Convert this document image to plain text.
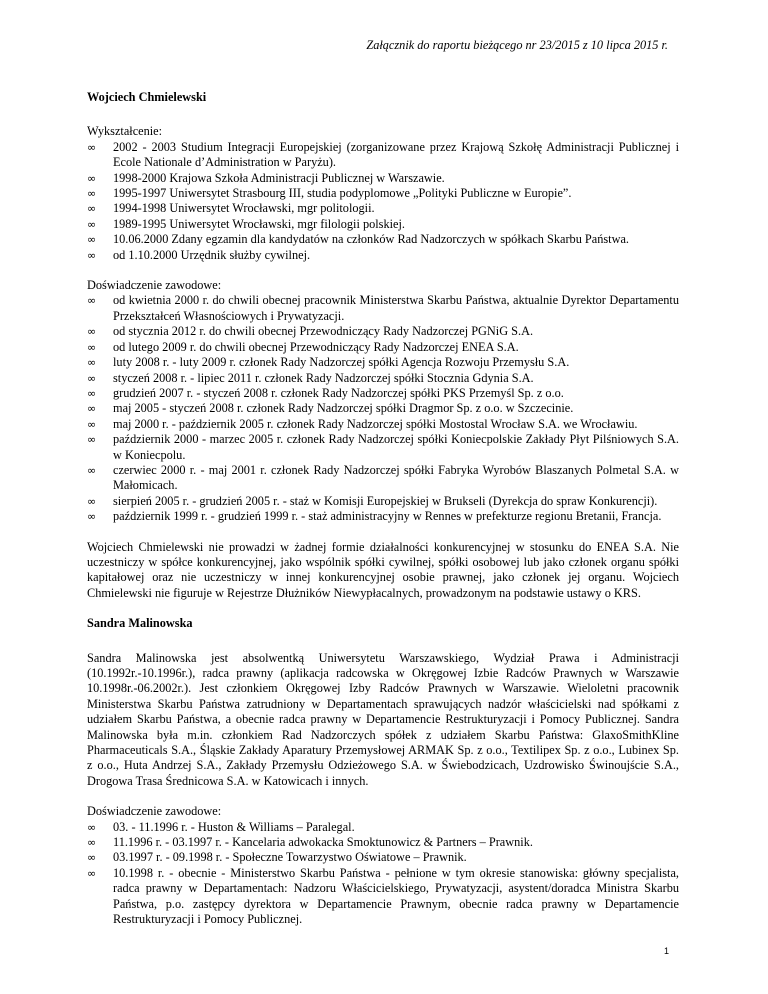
Załącznik do raportu bieżącego nr 23/2015 z 10 lipca 2015 r.
Wojciech Chmielewski
Wykształcenie:
∞ 2002 - 2003 Studium Integracji Europejskiej (zorganizowane przez Krajową Szkołę Administracji Publicznej i Ecole Nationale d’Administration w Paryżu).
∞ 1998-2000 Krajowa Szkoła Administracji Publicznej w Warszawie.
∞ 1995-1997 Uniwersytet Strasbourg III, studia podyplomowe „Polityki Publiczne w Europie”.
∞ 1994-1998 Uniwersytet Wrocławski, mgr politologii.
∞ 1989-1995 Uniwersytet Wrocławski, mgr filologii polskiej.
∞ 10.06.2000 Zdany egzamin dla kandydatów na członków Rad Nadzorczych w spółkach Skarbu Państwa.
∞ od 1.10.2000 Urzędnik służby cywilnej.
Doświadczenie zawodowe:
∞ od kwietnia 2000 r. do chwili obecnej pracownik Ministerstwa Skarbu Państwa, aktualnie Dyrektor Departamentu Przekształceń Własnościowych i Prywatyzacji.
∞ od stycznia 2012 r. do chwili obecnej Przewodniczący Rady Nadzorczej PGNiG S.A.
∞ od lutego 2009 r. do chwili obecnej Przewodniczący Rady Nadzorczej ENEA S.A.
∞ luty 2008 r. - luty 2009 r. członek Rady Nadzorczej spółki Agencja Rozwoju Przemysłu S.A.
∞ styczeń 2008 r. - lipiec 2011 r. członek Rady Nadzorczej spółki Stocznia Gdynia S.A.
∞ grudzień 2007 r. - styczeń 2008 r. członek Rady Nadzorczej spółki PKS Przemyśl Sp. z o.o.
∞ maj 2005 - styczeń 2008 r. członek Rady Nadzorczej spółki Dragmor Sp. z o.o. w Szczecinie.
∞ maj 2000 r. - październik 2005 r. członek Rady Nadzorczej spółki Mostostal Wrocław S.A. we Wrocławiu.
∞ październik 2000 - marzec 2005 r. członek Rady Nadzorczej spółki Koniecpolskie Zakłady Płyt Pilśniowych S.A. w Koniecpolu.
∞ czerwiec 2000 r. - maj 2001 r. członek Rady Nadzorczej spółki Fabryka Wyrobów Blaszanych Polmetal S.A. w Małomicach.
∞ sierpień 2005 r. - grudzień 2005 r. - staż w Komisji Europejskiej w Brukseli (Dyrekcja do spraw Konkurencji).
∞ październik 1999 r. - grudzień 1999 r. - staż administracyjny w Rennes w prefekturze regionu Bretanii, Francja.

Wojciech Chmielewski nie prowadzi w żadnej formie działalności konkurencyjnej w stosunku do ENEA S.A. Nie uczestniczy w spółce konkurencyjnej, jako wspólnik spółki cywilnej, spółki osobowej lub jako członek organu spółki kapitałowej oraz nie uczestniczy w innej konkurencyjnej osobie prawnej, jako członek jej organu. Wojciech Chmielewski nie figuruje w Rejestrze Dłużników Niewypłacalnych, prowadzonym na podstawie ustawy o KRS.

Sandra Malinowska

Sandra Malinowska jest absolwentką Uniwersytetu Warszawskiego, Wydział Prawa i Administracji (10.1992r.-10.1996r.), radca prawny (aplikacja radcowska w Okręgowej Izbie Radców Prawnych w Warszawie 10.1998r.-06.2002r.). Jest członkiem Okręgowej Izby Radców Prawnych w Warszawie. Wieloletni pracownik Ministerstwa Skarbu Państwa zatrudniony w Departamentach sprawujących nadzór właścicielski nad spółkami z udziałem Skarbu Państwa, a obecnie radca prawny w Departamencie Restrukturyzacji i Pomocy Publicznej. Sandra Malinowska była m.in. członkiem Rad Nadzorczych spółek z udziałem Skarbu Państwa: GlaxoSmithKline Pharmaceuticals S.A., Śląskie Zakłady Aparatury Przemysłowej ARMAK Sp. z o.o., Textilipex Sp. z o.o., Lubinex Sp. z o.o., Huta Andrzej S.A., Zakłady Przemysłu Odzieżowego S.A. w Świebodzicach, Uzdrowisko Świnoujście S.A., Drogowa Trasa Średnicowa S.A. w Katowicach i innych.

Doświadczenie zawodowe:
∞ 03. - 11.1996 r. - Huston & Williams – Paralegal.
∞ 11.1996 r. - 03.1997 r. - Kancelaria adwokacka Smoktunowicz & Partners – Prawnik.
∞ 03.1997 r. - 09.1998 r. - Społeczne Towarzystwo Oświatowe – Prawnik.
∞ 10.1998 r. - obecnie - Ministerstwo Skarbu Państwa - pełnione w tym okresie stanowiska: główny specjalista, radca prawny w Departamentach: Nadzoru Właścicielskiego, Prywatyzacji, asystent/doradca Ministra Skarbu Państwa, p.o. zastępcy dyrektora w Departamencie Prawnym, obecnie radca prawny w Departamencie Restrukturyzacji i Pomocy Publicznej.
1
